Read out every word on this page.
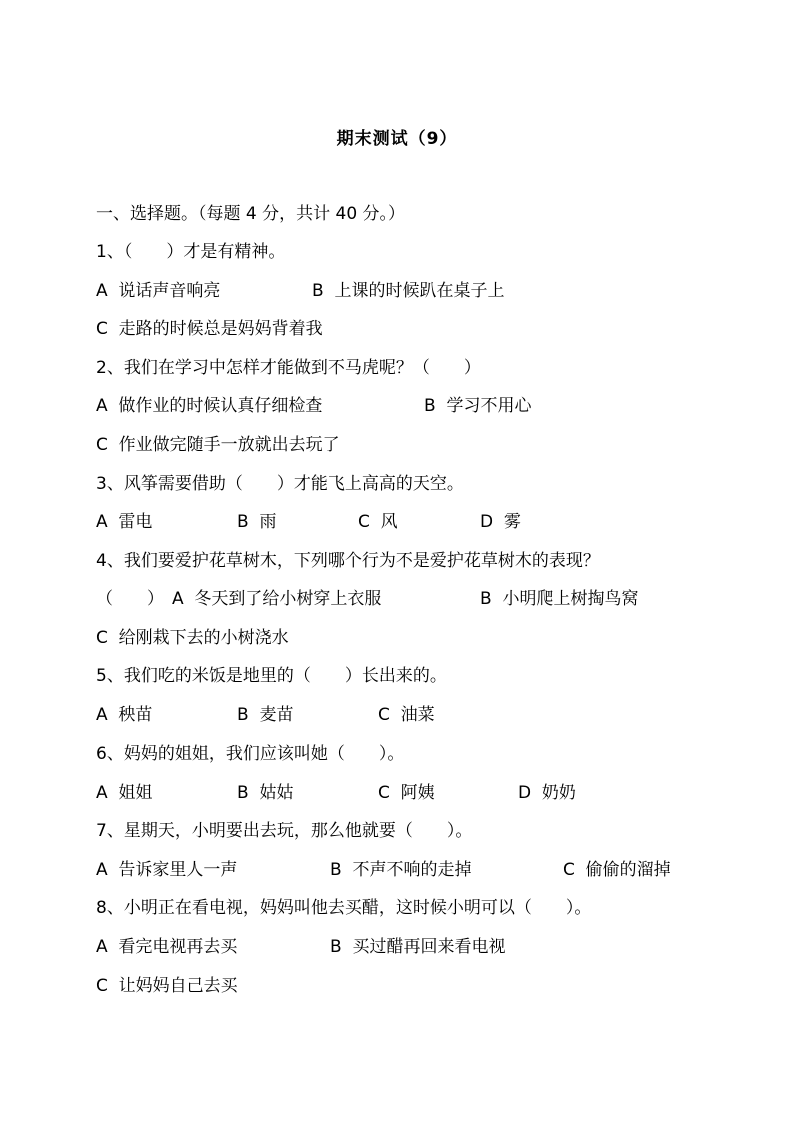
期末测试（9）
一、选择题。（每题 4 分，共计 40 分。）
1、（　　）才是有精神。
A  说话声音响亮	B  上课的时候趴在桌子上
C  走路的时候总是妈妈背着我
2、我们在学习中怎样才能做到不马虎呢？（　　）
A  做作业的时候认真仔细检查	B  学习不用心
C  作业做完随手一放就出去玩了
3、风筝需要借助（　　）才能飞上高高的天空。
A  雷电	B  雨	C  风	D  雾
4、我们要爱护花草树木，下列哪个行为不是爱护花草树木的表现？
（　　） A  冬天到了给小树穿上衣服	B  小明爬上树掏鸟窝
C  给刚栽下去的小树浇水
5、我们吃的米饭是地里的（　　）长出来的。
A  秧苗	B  麦苗	C  油菜
6、妈妈的姐姐，我们应该叫她（　　）。
A  姐姐	B  姑姑	C  阿姨	D  奶奶
7、星期天，小明要出去玩，那么他就要（　　）。
A  告诉家里人一声	B  不声不响的走掉	C  偷偷的溜掉
8、小明正在看电视，妈妈叫他去买醋，这时候小明可以（　　）。
A  看完电视再去买	B  买过醋再回来看电视
C  让妈妈自己去买
